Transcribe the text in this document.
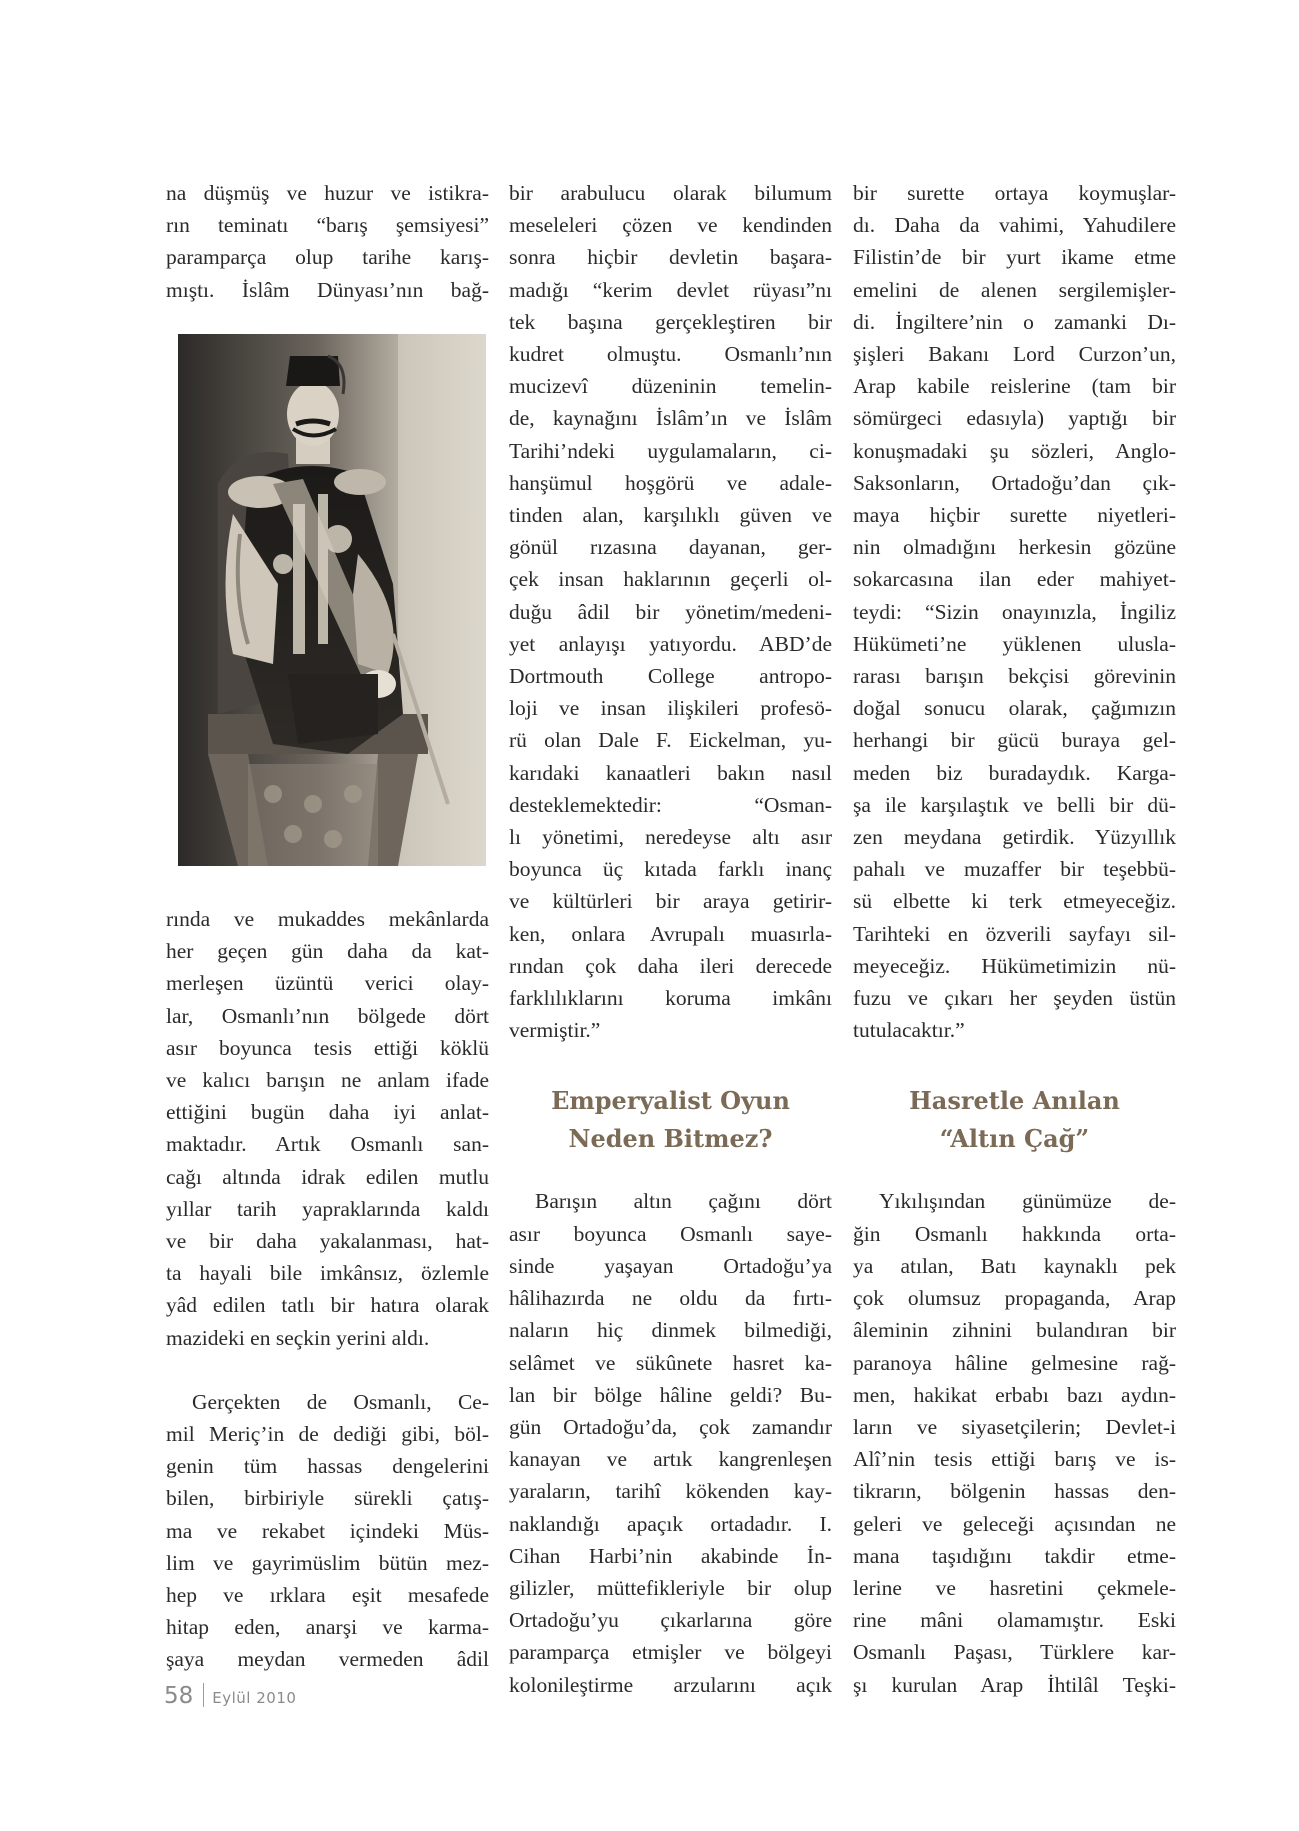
na düşmüş ve huzur ve istikra-
rın teminatı “barış şemsiyesi”
paramparça olup tarihe karış-
mıştı. İslâm Dünyası’nın bağ-

rında ve mukaddes mekânlarda
her geçen gün daha da kat-
merleşen üzüntü verici olay-
lar, Osmanlı’nın bölgede dört
asır boyunca tesis ettiği köklü
ve kalıcı barışın ne anlam ifade
ettiğini bugün daha iyi anlat-
maktadır. Artık Osmanlı san-
cağı altında idrak edilen mutlu
yıllar tarih yapraklarında kaldı
ve bir daha yakalanması, hat-
ta hayali bile imkânsız, özlemle
yâd edilen tatlı bir hatıra olarak
mazideki en seçkin yerini aldı.

Gerçekten de Osmanlı, Ce-
mil Meriç’in de dediği gibi, böl-
genin tüm hassas dengelerini
bilen, birbiriyle sürekli çatış-
ma ve rekabet içindeki Müs-
lim ve gayrimüslim bütün mez-
hep ve ırklara eşit mesafede
hitap eden, anarşi ve karma-
şaya meydan vermeden âdil

bir arabulucu olarak bilumum
meseleleri çözen ve kendinden
sonra hiçbir devletin başara-
madığı “kerim devlet rüyası”nı
tek başına gerçekleştiren bir
kudret olmuştu. Osmanlı’nın
mucizevî düzeninin temelin-
de, kaynağını İslâm’ın ve İslâm
Tarihi’ndeki uygulamaların, ci-
hanşümul hoşgörü ve adale-
tinden alan, karşılıklı güven ve
gönül rızasına dayanan, ger-
çek insan haklarının geçerli ol-
duğu âdil bir yönetim/medeni-
yet anlayışı yatıyordu. ABD’de
Dortmouth College antropo-
loji ve insan ilişkileri profesö-
rü olan Dale F. Eickelman, yu-
karıdaki kanaatleri bakın nasıl
desteklemektedir: “Osman-
lı yönetimi, neredeyse altı asır
boyunca üç kıtada farklı inanç
ve kültürleri bir araya getirir-
ken, onlara Avrupalı muasırla-
rından çok daha ileri derecede
farklılıklarını koruma imkânı
vermiştir.”

Emperyalist Oyun
Neden Bitmez?

Barışın altın çağını dört
asır boyunca Osmanlı saye-
sinde yaşayan Ortadoğu’ya
hâlihazırda ne oldu da fırtı-
naların hiç dinmek bilmediği,
selâmet ve sükûnete hasret ka-
lan bir bölge hâline geldi? Bu-
gün Ortadoğu’da, çok zamandır
kanayan ve artık kangrenleşen
yaraların, tarihî kökenden kay-
naklandığı apaçık ortadadır. I.
Cihan Harbi’nin akabinde İn-
gilizler, müttefikleriyle bir olup
Ortadoğu’yu çıkarlarına göre
paramparça etmişler ve bölgeyi
kolonileştirme arzularını açık

bir surette ortaya koymuşlar-
dı. Daha da vahimi, Yahudilere
Filistin’de bir yurt ikame etme
emelini de alenen sergilemişler-
di. İngiltere’nin o zamanki Dı-
şişleri Bakanı Lord Curzon’un,
Arap kabile reislerine (tam bir
sömürgeci edasıyla) yaptığı bir
konuşmadaki şu sözleri, Anglo-
Saksonların, Ortadoğu’dan çık-
maya hiçbir surette niyetleri-
nin olmadığını herkesin gözüne
sokarcasına ilan eder mahiyet-
teydi: “Sizin onayınızla, İngiliz
Hükümeti’ne yüklenen ulusla-
rarası barışın bekçisi görevinin
doğal sonucu olarak, çağımızın
herhangi bir gücü buraya gel-
meden biz buradaydık. Karga-
şa ile karşılaştık ve belli bir dü-
zen meydana getirdik. Yüzyıllık
pahalı ve muzaffer bir teşebbü-
sü elbette ki terk etmeyeceğiz.
Tarihteki en özverili sayfayı sil-
meyeceğiz. Hükümetimizin nü-
fuzu ve çıkarı her şeyden üstün
tutulacaktır.”

Hasretle Anılan
“Altın Çağ”

Yıkılışından günümüze de-
ğin Osmanlı hakkında orta-
ya atılan, Batı kaynaklı pek
çok olumsuz propaganda, Arap
âleminin zihnini bulandıran bir
paranoya hâline gelmesine rağ-
men, hakikat erbabı bazı aydın-
ların ve siyasetçilerin; Devlet-i
Alî’nin tesis ettiği barış ve is-
tikrarın, bölgenin hassas den-
geleri ve geleceği açısından ne
mana taşıdığını takdir etme-
lerine ve hasretini çekmele-
rine mâni olamamıştır. Eski
Osmanlı Paşası, Türklere kar-
şı kurulan Arap İhtilâl Teşki-

58 Eylül 2010
